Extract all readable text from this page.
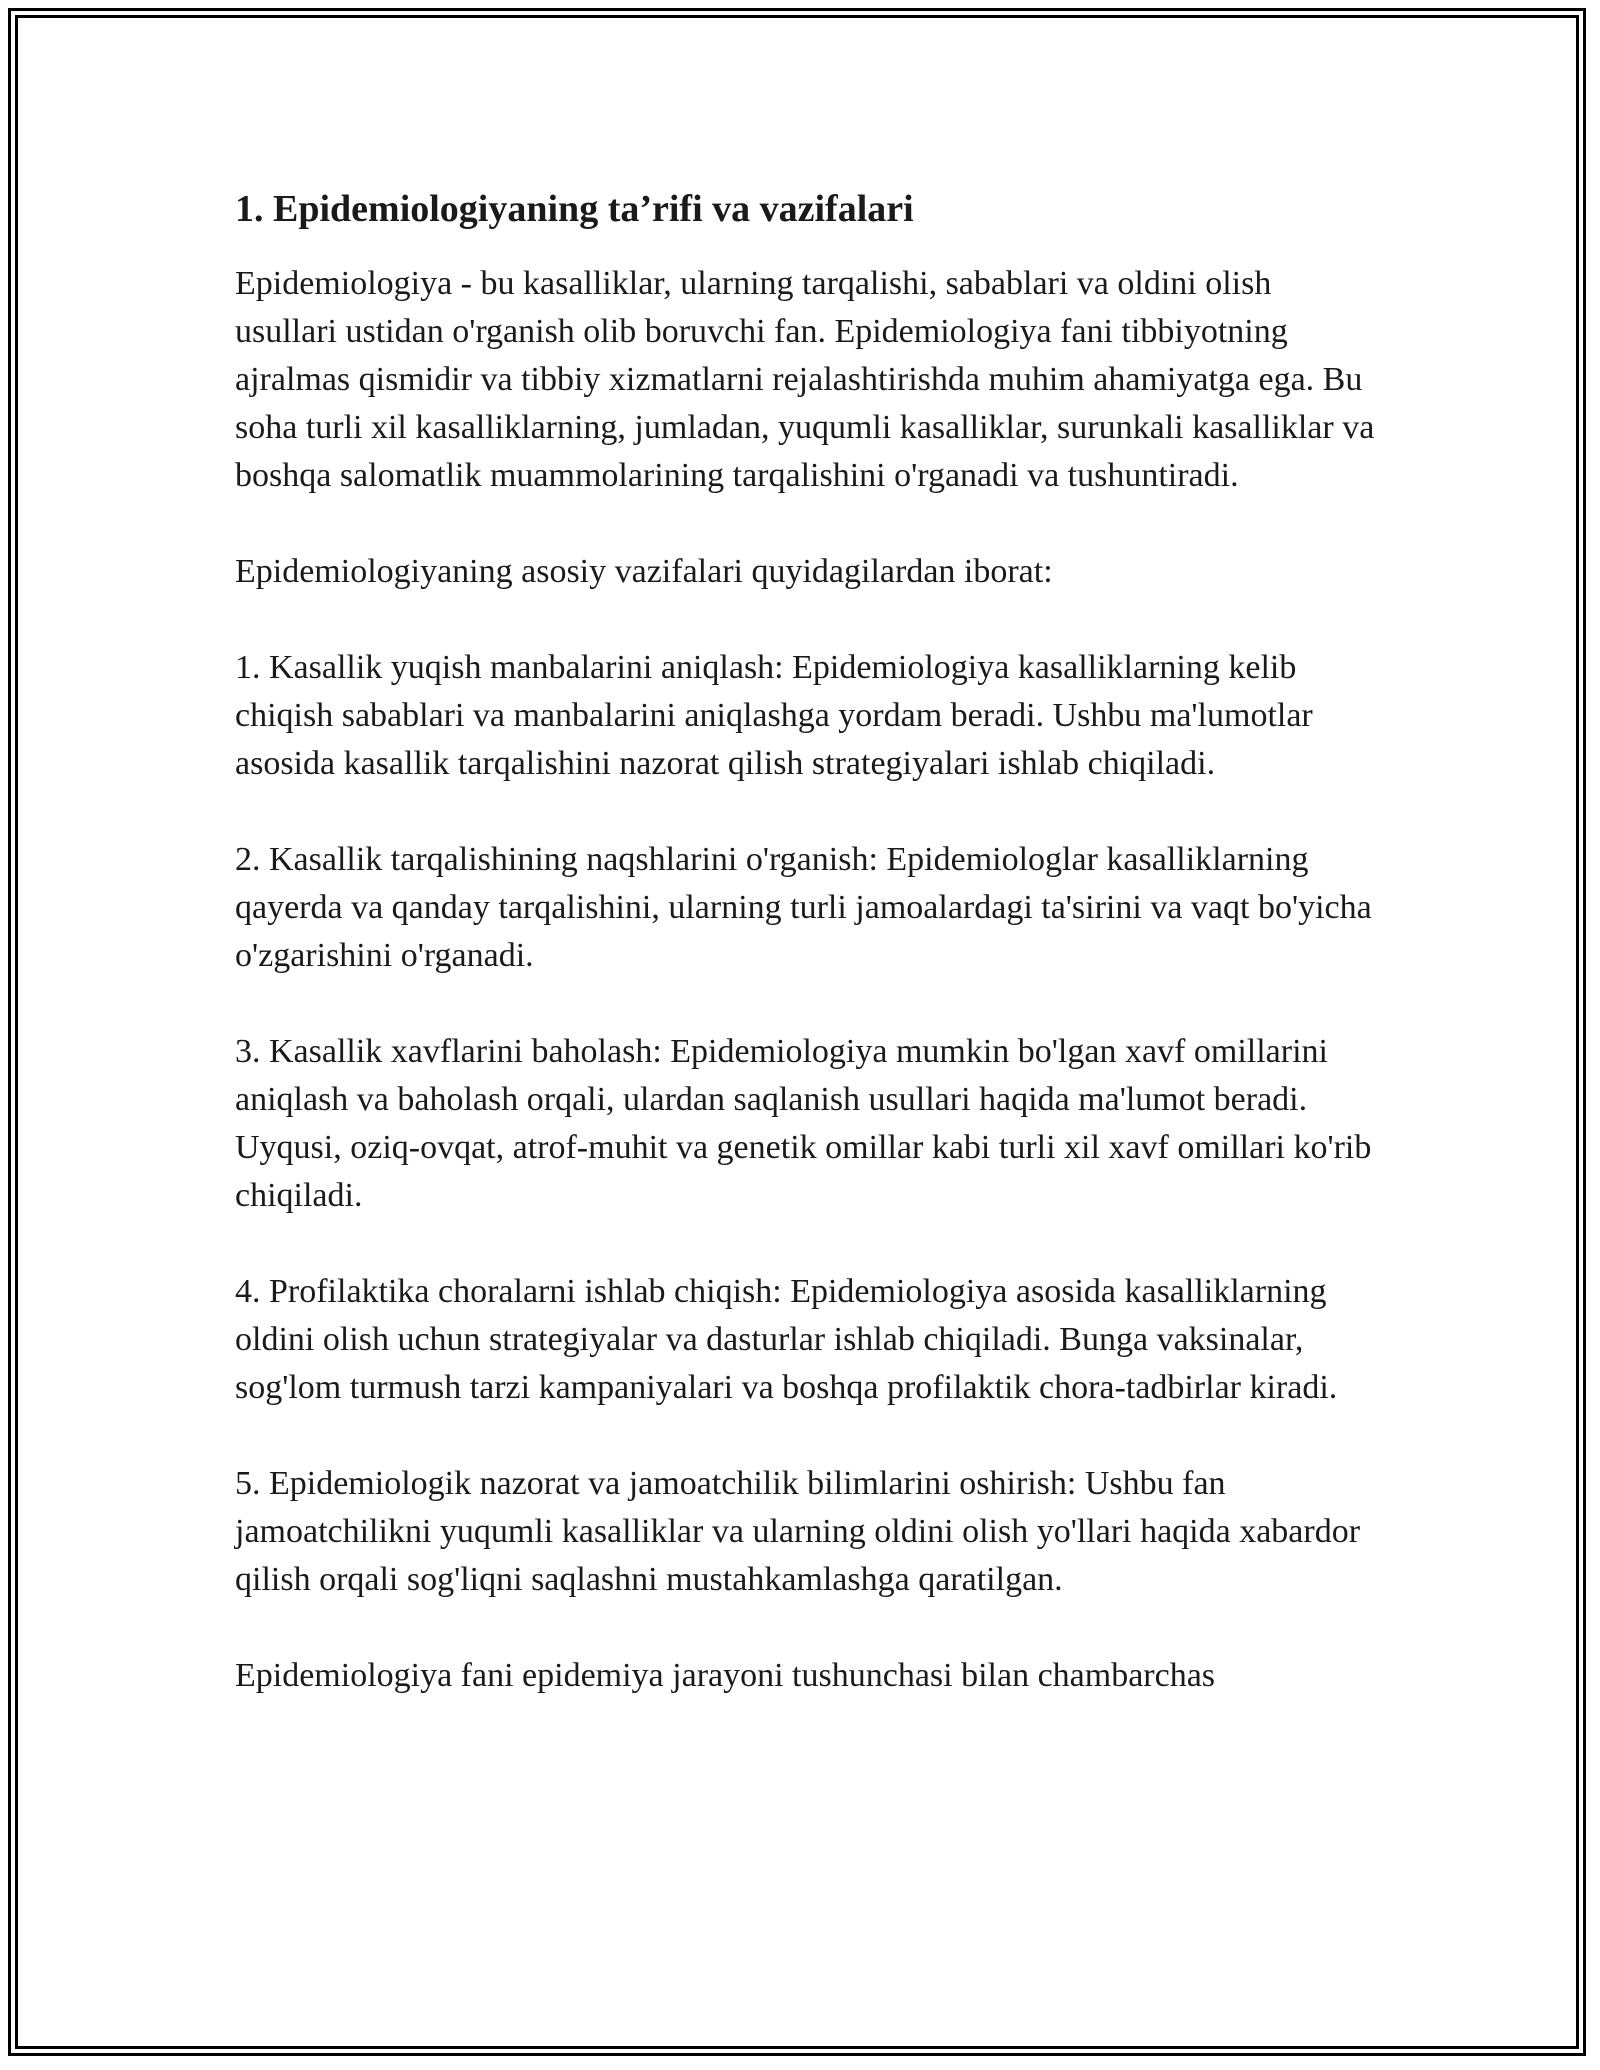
1. Epidemiologiyaning ta’rifi va vazifalari

Epidemiologiya - bu kasalliklar, ularning tarqalishi, sabablari va oldini olish usullari ustidan o'rganish olib boruvchi fan. Epidemiologiya fani tibbiyotning ajralmas qismidir va tibbiy xizmatlarni rejalashtirishda muhim ahamiyatga ega. Bu soha turli xil kasalliklarning, jumladan, yuqumli kasalliklar, surunkali kasalliklar va boshqa salomatlik muammolarining tarqalishini o'rganadi va tushuntiradi.

Epidemiologiyaning asosiy vazifalari quyidagilardan iborat:

1. Kasallik yuqish manbalarini aniqlash: Epidemiologiya kasalliklarning kelib chiqish sabablari va manbalarini aniqlashga yordam beradi. Ushbu ma'lumotlar asosida kasallik tarqalishini nazorat qilish strategiyalari ishlab chiqiladi.

2. Kasallik tarqalishining naqshlarini o'rganish: Epidemiologlar kasalliklarning qayerda va qanday tarqalishini, ularning turli jamoalardagi ta'sirini va vaqt bo'yicha o'zgarishini o'rganadi.

3. Kasallik xavflarini baholash: Epidemiologiya mumkin bo'lgan xavf omillarini aniqlash va baholash orqali, ulardan saqlanish usullari haqida ma'lumot beradi. Uyqusi, oziq-ovqat, atrof-muhit va genetik omillar kabi turli xil xavf omillari ko'rib chiqiladi.

4. Profilaktika choralarni ishlab chiqish: Epidemiologiya asosida kasalliklarning oldini olish uchun strategiyalar va dasturlar ishlab chiqiladi. Bunga vaksinalar, sog'lom turmush tarzi kampaniyalari va boshqa profilaktik chora-tadbirlar kiradi.

5. Epidemiologik nazorat va jamoatchilik bilimlarini oshirish: Ushbu fan jamoatchilikni yuqumli kasalliklar va ularning oldini olish yo'llari haqida xabardor qilish orqali sog'liqni saqlashni mustahkamlashga qaratilgan.

Epidemiologiya fani epidemiya jarayoni tushunchasi bilan chambarchas
